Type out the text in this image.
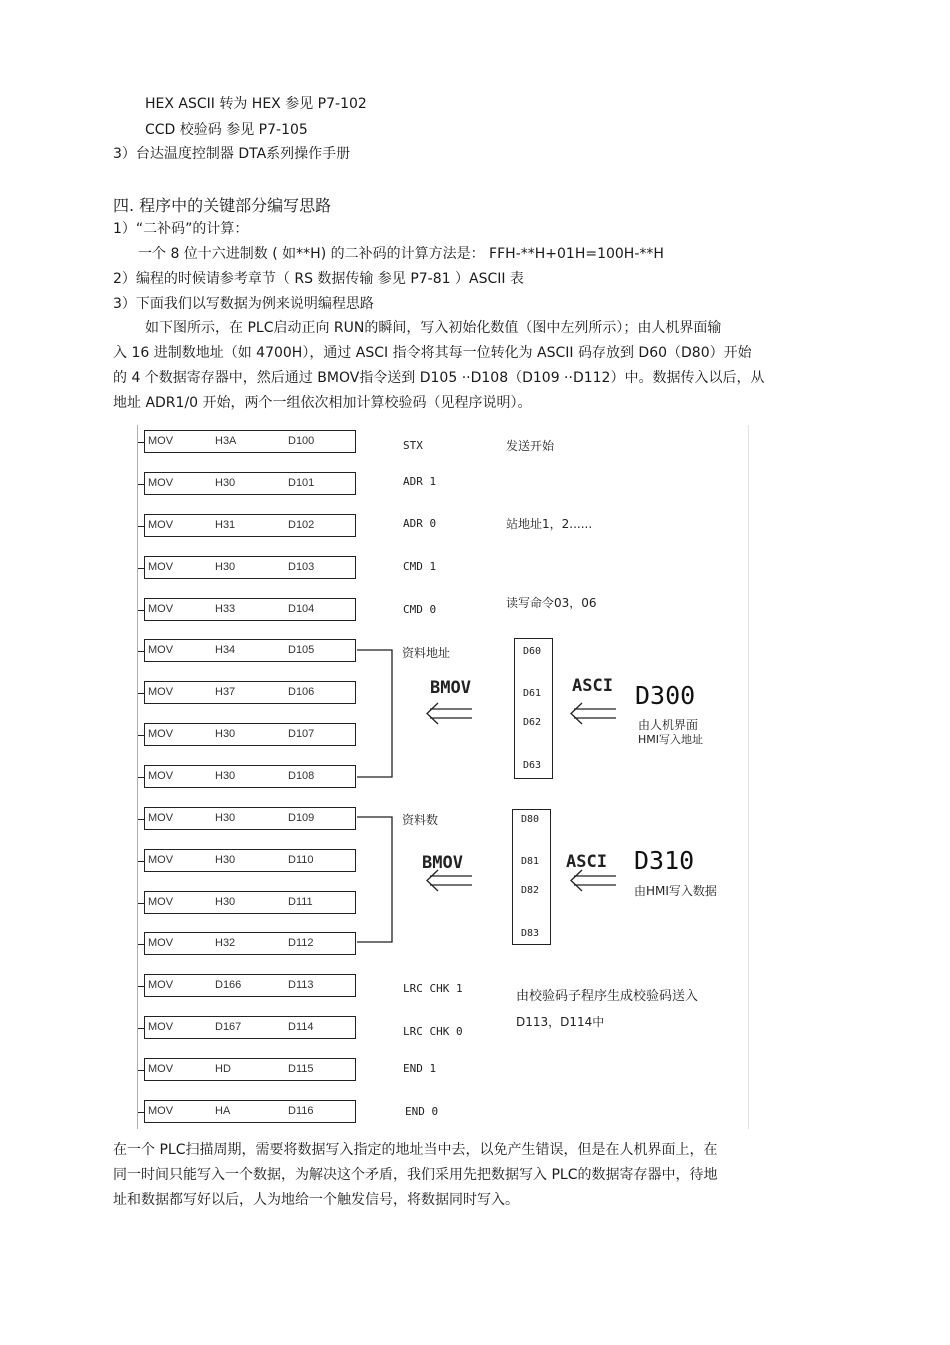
HEX ASCII 转为 HEX 参见 P7-102
CCD 校验码 参见 P7-105
3）台达温度控制器 DTA系列操作手册
四. 程序中的关键部分编写思路
1）“二补码”的计算：
一个 8 位十六进制数 ( 如**H) 的二补码的计算方法是： FFH-**H+01H=100H-**H
2）编程的时候请参考章节（ RS 数据传输 参见 P7-81 ）ASCII 表
3）下面我们以写数据为例来说明编程思路
如下图所示，在 PLC启动正向 RUN的瞬间，写入初始化数值（图中左列所示）；由人机界面输
入 16 进制数地址（如 4700H），通过 ASCI 指令将其每一位转化为 ASCII 码存放到 D60（D80）开始
的 4 个数据寄存器中，然后通过 BMOV指令送到 D105 ··D108（D109 ··D112）中。数据传入以后，从
地址 ADR1/0 开始，两个一组依次相加计算校验码（见程序说明）。
MOV	H3A	D100
MOV	H30	D101
MOV	H31	D102
MOV	H30	D103
MOV	H33	D104
MOV	H34	D105
MOV	H37	D106
MOV	H30	D107
MOV	H30	D108
MOV	H30	D109
MOV	H30	D110
MOV	H30	D111
MOV	H32	D112
MOV	D166	D113
MOV	D167	D114
MOV	HD	D115
MOV	HA	D116
STX
ADR 1
ADR 0
CMD 1
CMD 0
LRC CHK 1
LRC CHK 0
END 1
END 0
发送开始
站地址1，2......
读写命令03，06
资料地址
资料数
由人机界面
HMI写入地址
由HMI写入数据
由校验码子程序生成校验码送入
D113，D114中
BMOV	ASCI D300
D60
D61
D62
D63
BMOV	ASCI D310
D80
D81
D82
D83
在一个 PLC扫描周期，需要将数据写入指定的地址当中去，以免产生错误，但是在人机界面上，在
同一时间只能写入一个数据，为解决这个矛盾，我们采用先把数据写入 PLC的数据寄存器中，待地
址和数据都写好以后，人为地给一个触发信号，将数据同时写入。
